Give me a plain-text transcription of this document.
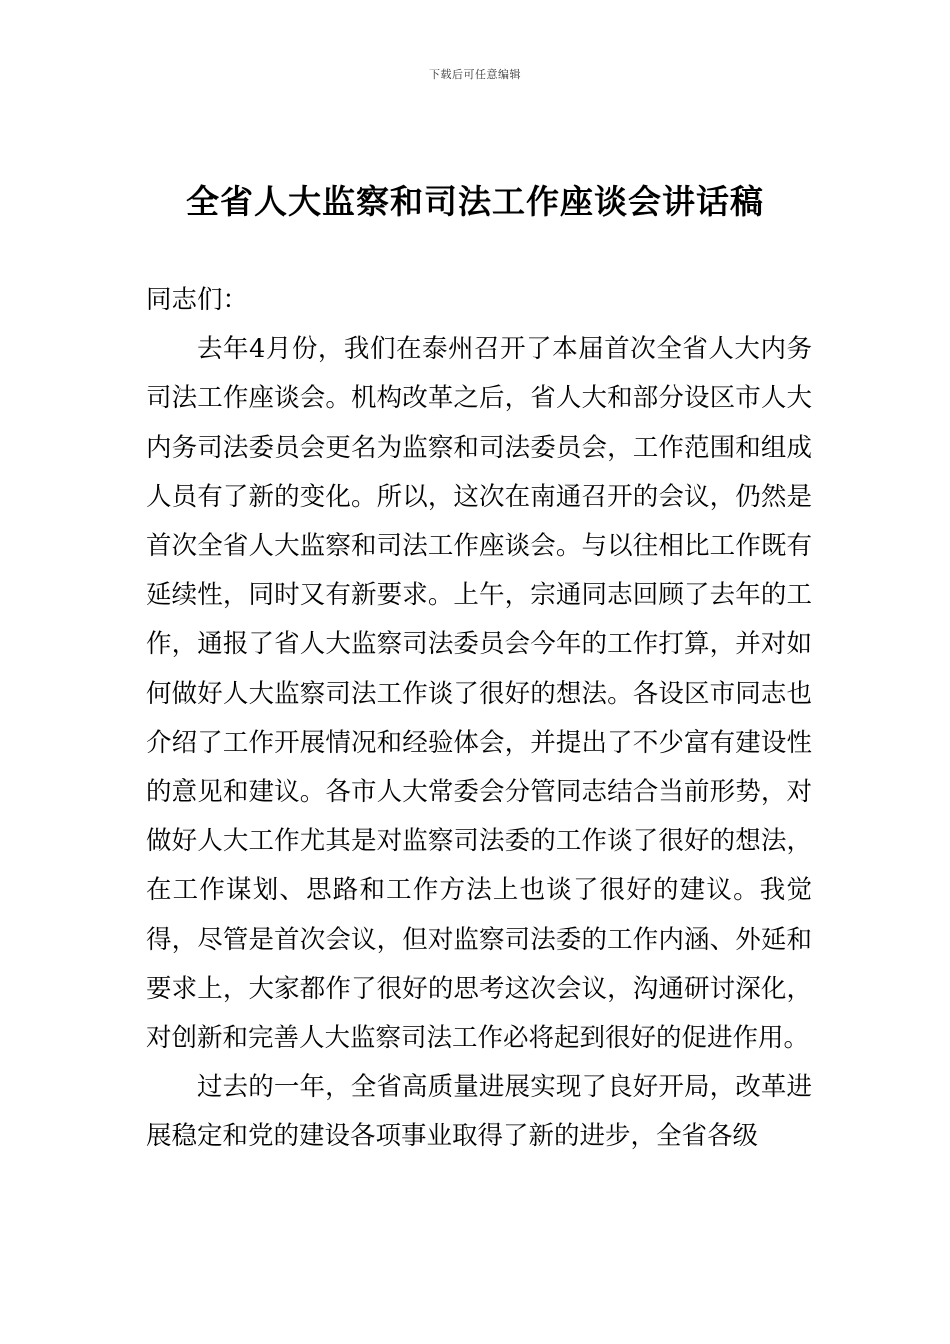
下载后可任意编辑
全省人大监察和司法工作座谈会讲话稿

同志们：

去年4月份，我们在泰州召开了本届首次全省人大内务司法工作座谈会。机构改革之后，省人大和部分设区市人大内务司法委员会更名为监察和司法委员会，工作范围和组成人员有了新的变化。所以，这次在南通召开的会议，仍然是首次全省人大监察和司法工作座谈会。与以往相比工作既有延续性，同时又有新要求。上午，宗通同志回顾了去年的工作，通报了省人大监察司法委员会今年的工作打算，并对如何做好人大监察司法工作谈了很好的想法。各设区市同志也介绍了工作开展情况和经验体会，并提出了不少富有建设性的意见和建议。各市人大常委会分管同志结合当前形势，对做好人大工作尤其是对监察司法委的工作谈了很好的想法，在工作谋划、思路和工作方法上也谈了很好的建议。我觉得，尽管是首次会议，但对监察司法委的工作内涵、外延和要求上，大家都作了很好的思考这次会议，沟通研讨深化，对创新和完善人大监察司法工作必将起到很好的促进作用。

过去的一年，全省高质量进展实现了良好开局，改革进展稳定和党的建设各项事业取得了新的进步，全省各级
